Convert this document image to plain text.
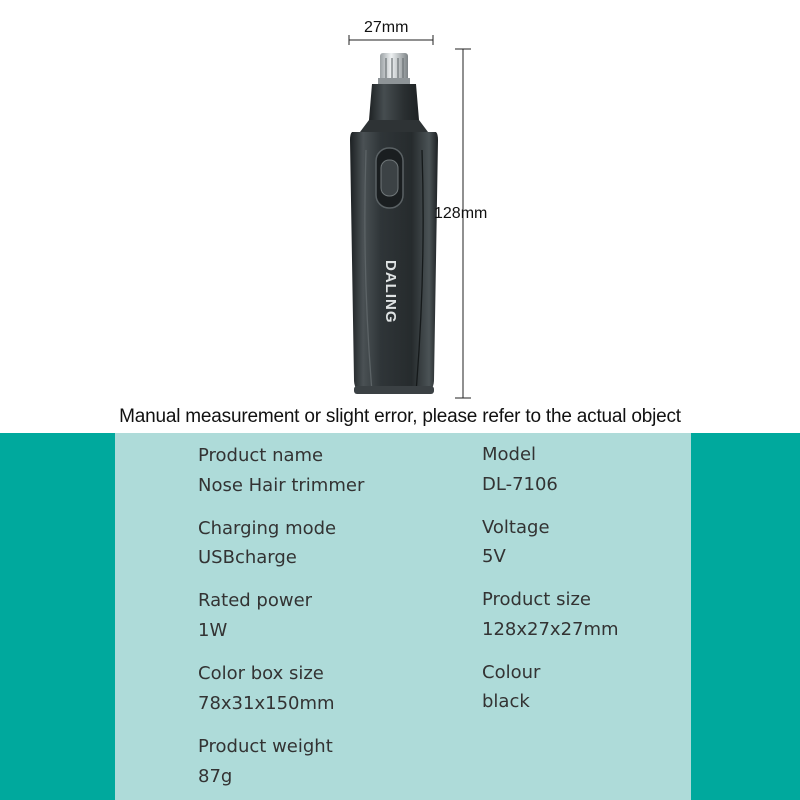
DALING
27mm
128mm
Manual measurement or slight error, please refer to the actual object
Product name
Nose Hair trimmer
Model
DL-7106
Charging mode
USBcharge
Voltage
5V
Rated power
1W
Product size
128x27x27mm
Color box size
78x31x150mm
Colour
black
Product weight
87g
